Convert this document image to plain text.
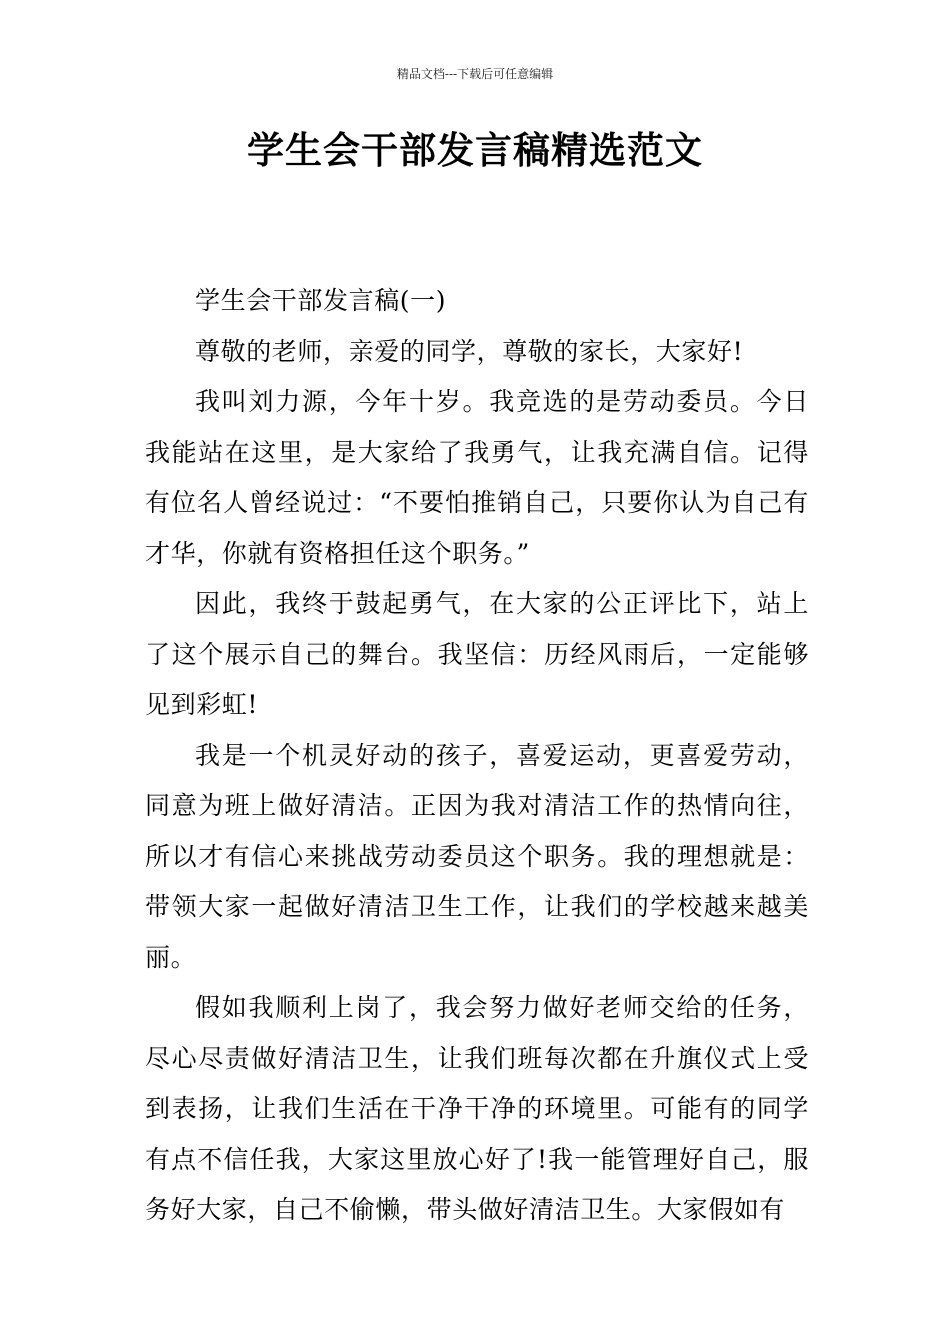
精品文档---下载后可任意编辑
学生会干部发言稿精选范文

学生会干部发言稿(一)

尊敬的老师，亲爱的同学，尊敬的家长，大家好!

我叫刘力源，今年十岁。我竞选的是劳动委员。今日我能站在这里，是大家给了我勇气，让我充满自信。记得有位名人曾经说过：“不要怕推销自己，只要你认为自己有才华，你就有资格担任这个职务。”

因此，我终于鼓起勇气，在大家的公正评比下，站上了这个展示自己的舞台。我坚信：历经风雨后，一定能够见到彩虹!

我是一个机灵好动的孩子，喜爱运动，更喜爱劳动，同意为班上做好清洁。正因为我对清洁工作的热情向往，所以才有信心来挑战劳动委员这个职务。我的理想就是：带领大家一起做好清洁卫生工作，让我们的学校越来越美丽。

假如我顺利上岗了，我会努力做好老师交给的任务，尽心尽责做好清洁卫生，让我们班每次都在升旗仪式上受到表扬，让我们生活在干净干净的环境里。可能有的同学有点不信任我，大家这里放心好了!我一能管理好自己，服务好大家，自己不偷懒，带头做好清洁卫生。大家假如有
